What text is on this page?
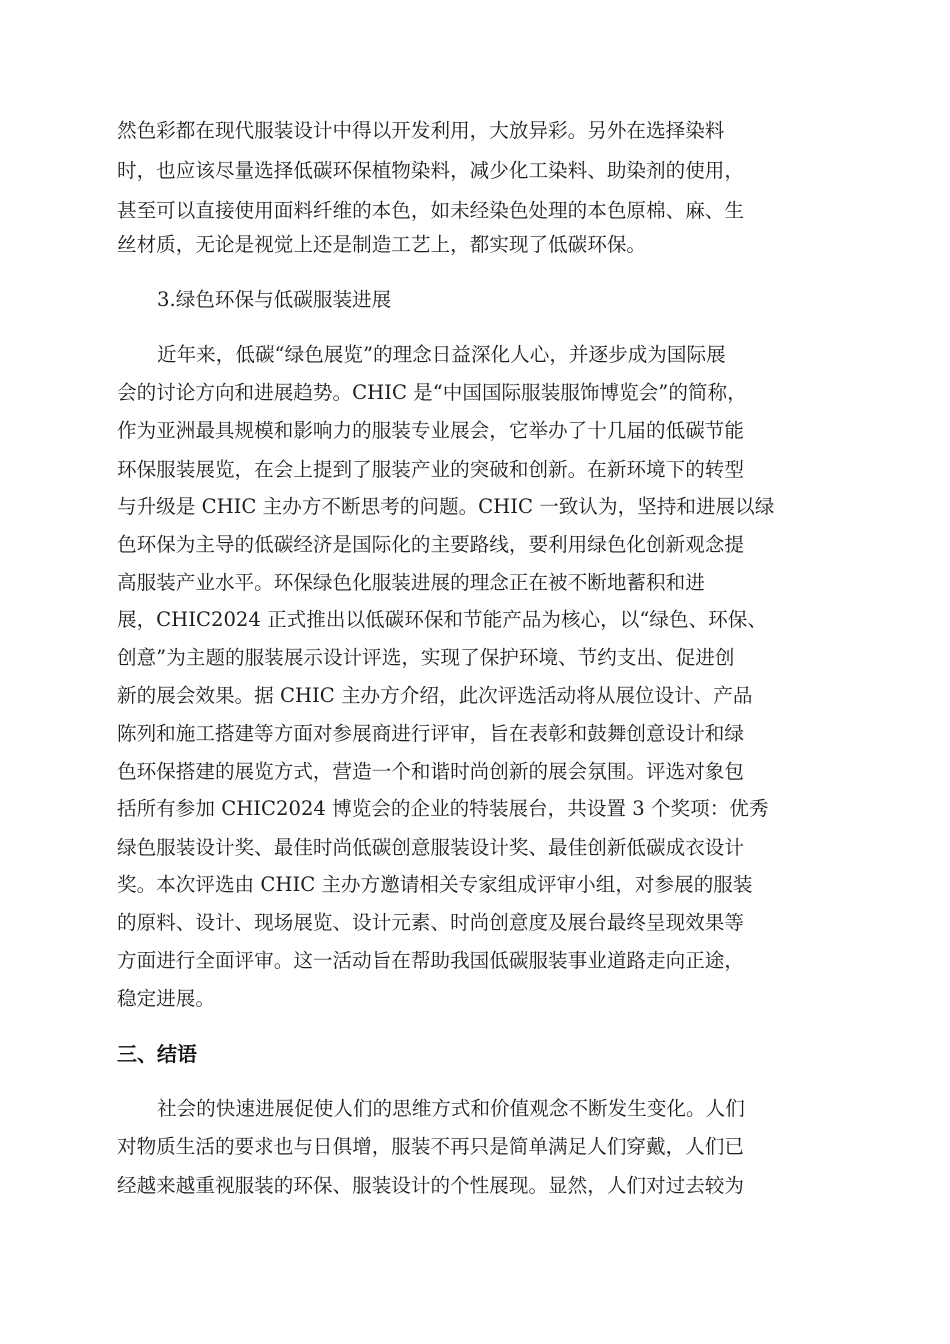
然色彩都在现代服装设计中得以开发利用，大放异彩。另外在选择染料

时，也应该尽量选择低碳环保植物染料，减少化工染料、助染剂的使用，

甚至可以直接使用面料纤维的本色，如未经染色处理的本色原棉、麻、生

丝材质，无论是视觉上还是制造工艺上，都实现了低碳环保。

3.绿色环保与低碳服装进展

近年来，低碳“绿色展览”的理念日益深化人心，并逐步成为国际展

会的讨论方向和进展趋势。CHIC 是“中国国际服装服饰博览会”的简称，

作为亚洲最具规模和影响力的服装专业展会，它举办了十几届的低碳节能

环保服装展览，在会上提到了服装产业的突破和创新。在新环境下的转型

与升级是 CHIC 主办方不断思考的问题。CHIC 一致认为，坚持和进展以绿

色环保为主导的低碳经济是国际化的主要路线，要利用绿色化创新观念提

高服装产业水平。环保绿色化服装进展的理念正在被不断地蓄积和进

展，CHIC2024 正式推出以低碳环保和节能产品为核心，以“绿色、环保、

创意”为主题的服装展示设计评选，实现了保护环境、节约支出、促进创

新的展会效果。据 CHIC 主办方介绍，此次评选活动将从展位设计、产品

陈列和施工搭建等方面对参展商进行评审，旨在表彰和鼓舞创意设计和绿

色环保搭建的展览方式，营造一个和谐时尚创新的展会氛围。评选对象包

括所有参加 CHIC2024 博览会的企业的特装展台，共设置 3 个奖项：优秀

绿色服装设计奖、最佳时尚低碳创意服装设计奖、最佳创新低碳成衣设计

奖。本次评选由 CHIC 主办方邀请相关专家组成评审小组，对参展的服装

的原料、设计、现场展览、设计元素、时尚创意度及展台最终呈现效果等

方面进行全面评审。这一活动旨在帮助我国低碳服装事业道路走向正途，

稳定进展。

三、结语

社会的快速进展促使人们的思维方式和价值观念不断发生变化。人们

对物质生活的要求也与日俱增，服装不再只是简单满足人们穿戴，人们已

经越来越重视服装的环保、服装设计的个性展现。显然，人们对过去较为
